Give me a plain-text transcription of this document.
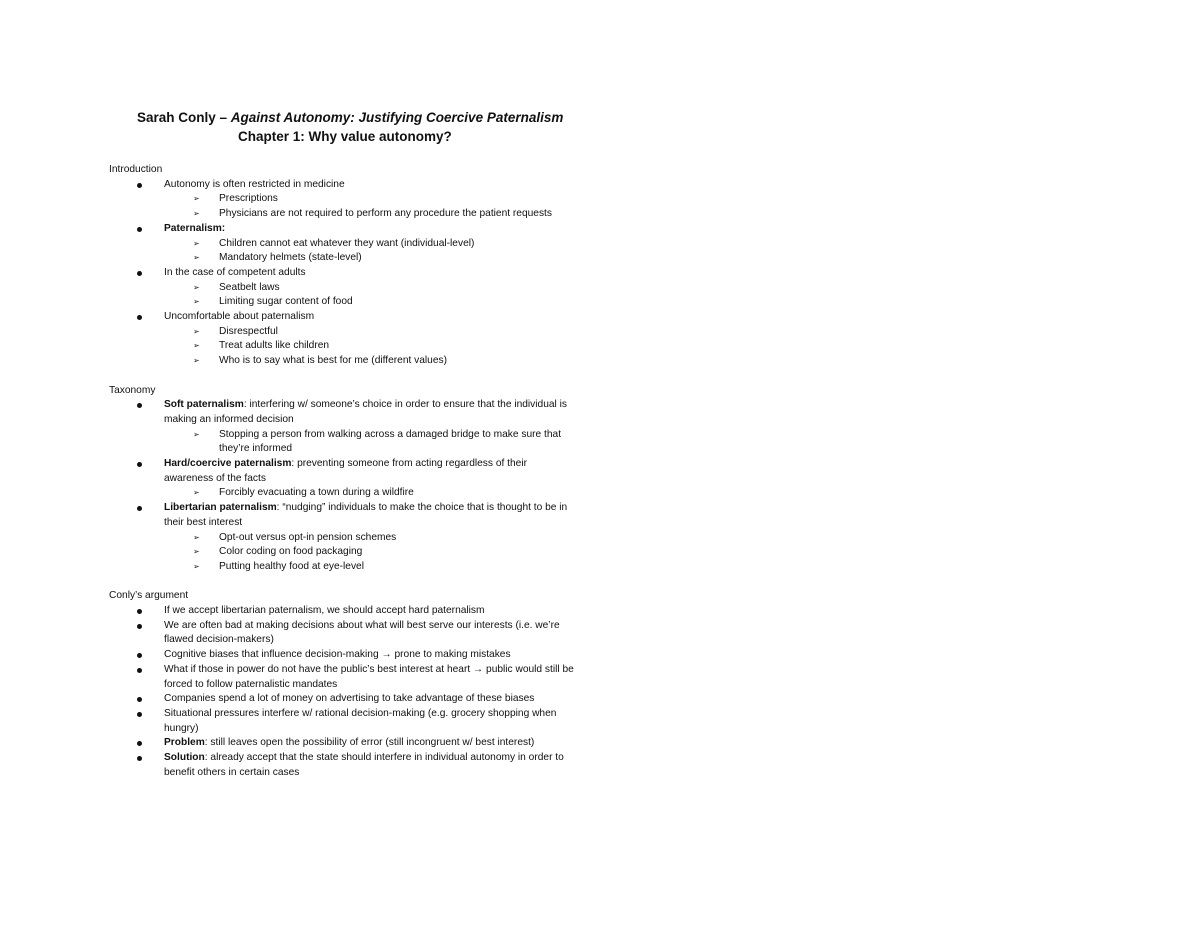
Sarah Conly – Against Autonomy: Justifying Coercive Paternalism
Chapter 1: Why value autonomy?
Introduction
Autonomy is often restricted in medicine
➢ Prescriptions
➢ Physicians are not required to perform any procedure the patient requests
Paternalism:
➢ Children cannot eat whatever they want (individual-level)
➢ Mandatory helmets (state-level)
In the case of competent adults
➢ Seatbelt laws
➢ Limiting sugar content of food
Uncomfortable about paternalism
➢ Disrespectful
➢ Treat adults like children
➢ Who is to say what is best for me (different values)
Taxonomy
Soft paternalism: interfering w/ someone’s choice in order to ensure that the individual is making an informed decision
➢ Stopping a person from walking across a damaged bridge to make sure that they’re informed
Hard/coercive paternalism: preventing someone from acting regardless of their awareness of the facts
➢ Forcibly evacuating a town during a wildfire
Libertarian paternalism: “nudging” individuals to make the choice that is thought to be in their best interest
➢ Opt-out versus opt-in pension schemes
➢ Color coding on food packaging
➢ Putting healthy food at eye-level
Conly’s argument
If we accept libertarian paternalism, we should accept hard paternalism
We are often bad at making decisions about what will best serve our interests (i.e. we’re flawed decision-makers)
Cognitive biases that influence decision-making → prone to making mistakes
What if those in power do not have the public’s best interest at heart → public would still be forced to follow paternalistic mandates
Companies spend a lot of money on advertising to take advantage of these biases
Situational pressures interfere w/ rational decision-making (e.g. grocery shopping when hungry)
Problem: still leaves open the possibility of error (still incongruent w/ best interest)
Solution: already accept that the state should interfere in individual autonomy in order to benefit others in certain cases
